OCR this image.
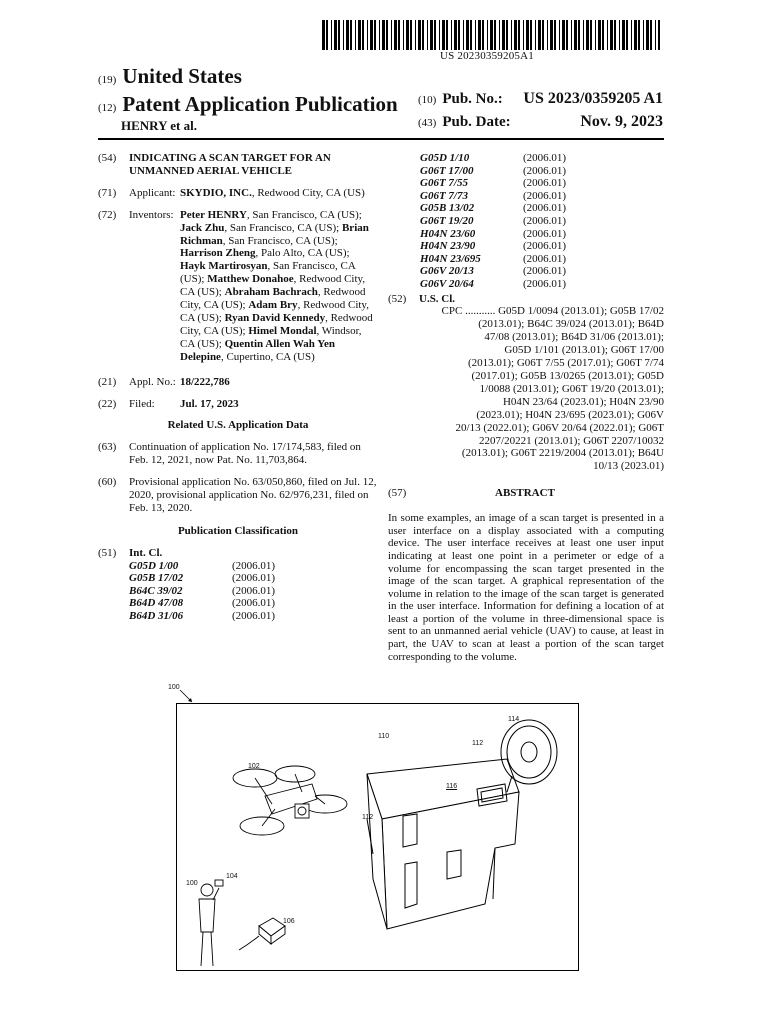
US 20230359205A1
(19) United States
(12) Patent Application Publication
HENRY et al.
(10) Pub. No.: US 2023/0359205 A1
(43) Pub. Date:	Nov. 9, 2023
(54)	INDICATING A SCAN TARGET FOR AN UNMANNED AERIAL VEHICLE
(71)	Applicant: SKYDIO, INC., Redwood City, CA (US)
(72)	Inventors: Peter HENRY, San Francisco, CA (US); Jack Zhu, San Francisco, CA (US); Brian Richman, San Francisco, CA (US); Harrison Zheng, Palo Alto, CA (US); Hayk Martirosyan, San Francisco, CA (US); Matthew Donahoe, Redwood City, CA (US); Abraham Bachrach, Redwood City, CA (US); Adam Bry, Redwood City, CA (US); Ryan David Kennedy, Redwood City, CA (US); Himel Mondal, Windsor, CA (US); Quentin Allen Wah Yen Delepine, Cupertino, CA (US)
(21)	Appl. No.: 18/222,786
(22)	Filed: Jul. 17, 2023
Related U.S. Application Data
(63)	Continuation of application No. 17/174,583, filed on Feb. 12, 2021, now Pat. No. 11,703,864.
(60)	Provisional application No. 63/050,860, filed on Jul. 12, 2020, provisional application No. 62/976,231, filed on Feb. 13, 2020.
Publication Classification
(51)	Int. Cl.
G05D 1/00	(2006.01)
G05B 17/02	(2006.01)
B64C 39/02	(2006.01)
B64D 47/08	(2006.01)
B64D 31/06	(2006.01)
G05D 1/10	(2006.01)
G06T 17/00	(2006.01)
G06T 7/55	(2006.01)
G06T 7/73	(2006.01)
G05B 13/02	(2006.01)
G06T 19/20	(2006.01)
H04N 23/60	(2006.01)
H04N 23/90	(2006.01)
H04N 23/695	(2006.01)
G06V 20/13	(2006.01)
G06V 20/64	(2006.01)
(52)	U.S. Cl.
CPC ........... G05D 1/0094 (2013.01); G05B 17/02
(2013.01); B64C 39/024 (2013.01); B64D
47/08 (2013.01); B64D 31/06 (2013.01);
G05D 1/101 (2013.01); G06T 17/00
(2013.01); G06T 7/55 (2017.01); G06T 7/74
(2017.01); G05B 13/0265 (2013.01); G05D
1/0088 (2013.01); G06T 19/20 (2013.01);
H04N 23/64 (2023.01); H04N 23/90
(2023.01); H04N 23/695 (2023.01); G06V
20/13 (2022.01); G06V 20/64 (2022.01); G06T
2207/20221 (2013.01); G06T 2207/10032
(2013.01); G06T 2219/2004 (2013.01); B64U
10/13 (2023.01)
(57)	ABSTRACT
In some examples, an image of a scan target is presented in a user interface on a display associated with a computing device. The user interface receives at least one user input indicating at least one point in a perimeter or edge of a volume for encompassing the scan target presented in the image of the scan target. A graphical representation of the volume in relation to the image of the scan target is generated in the user interface. Information for defining a location of at least a portion of the volume in three-dimensional space is sent to an unmanned aerial vehicle (UAV) to cause, at least in part, the UAV to scan at least a portion of the scan target corresponding to the volume.
100
100
102
104
106
110
112
112
114
116
